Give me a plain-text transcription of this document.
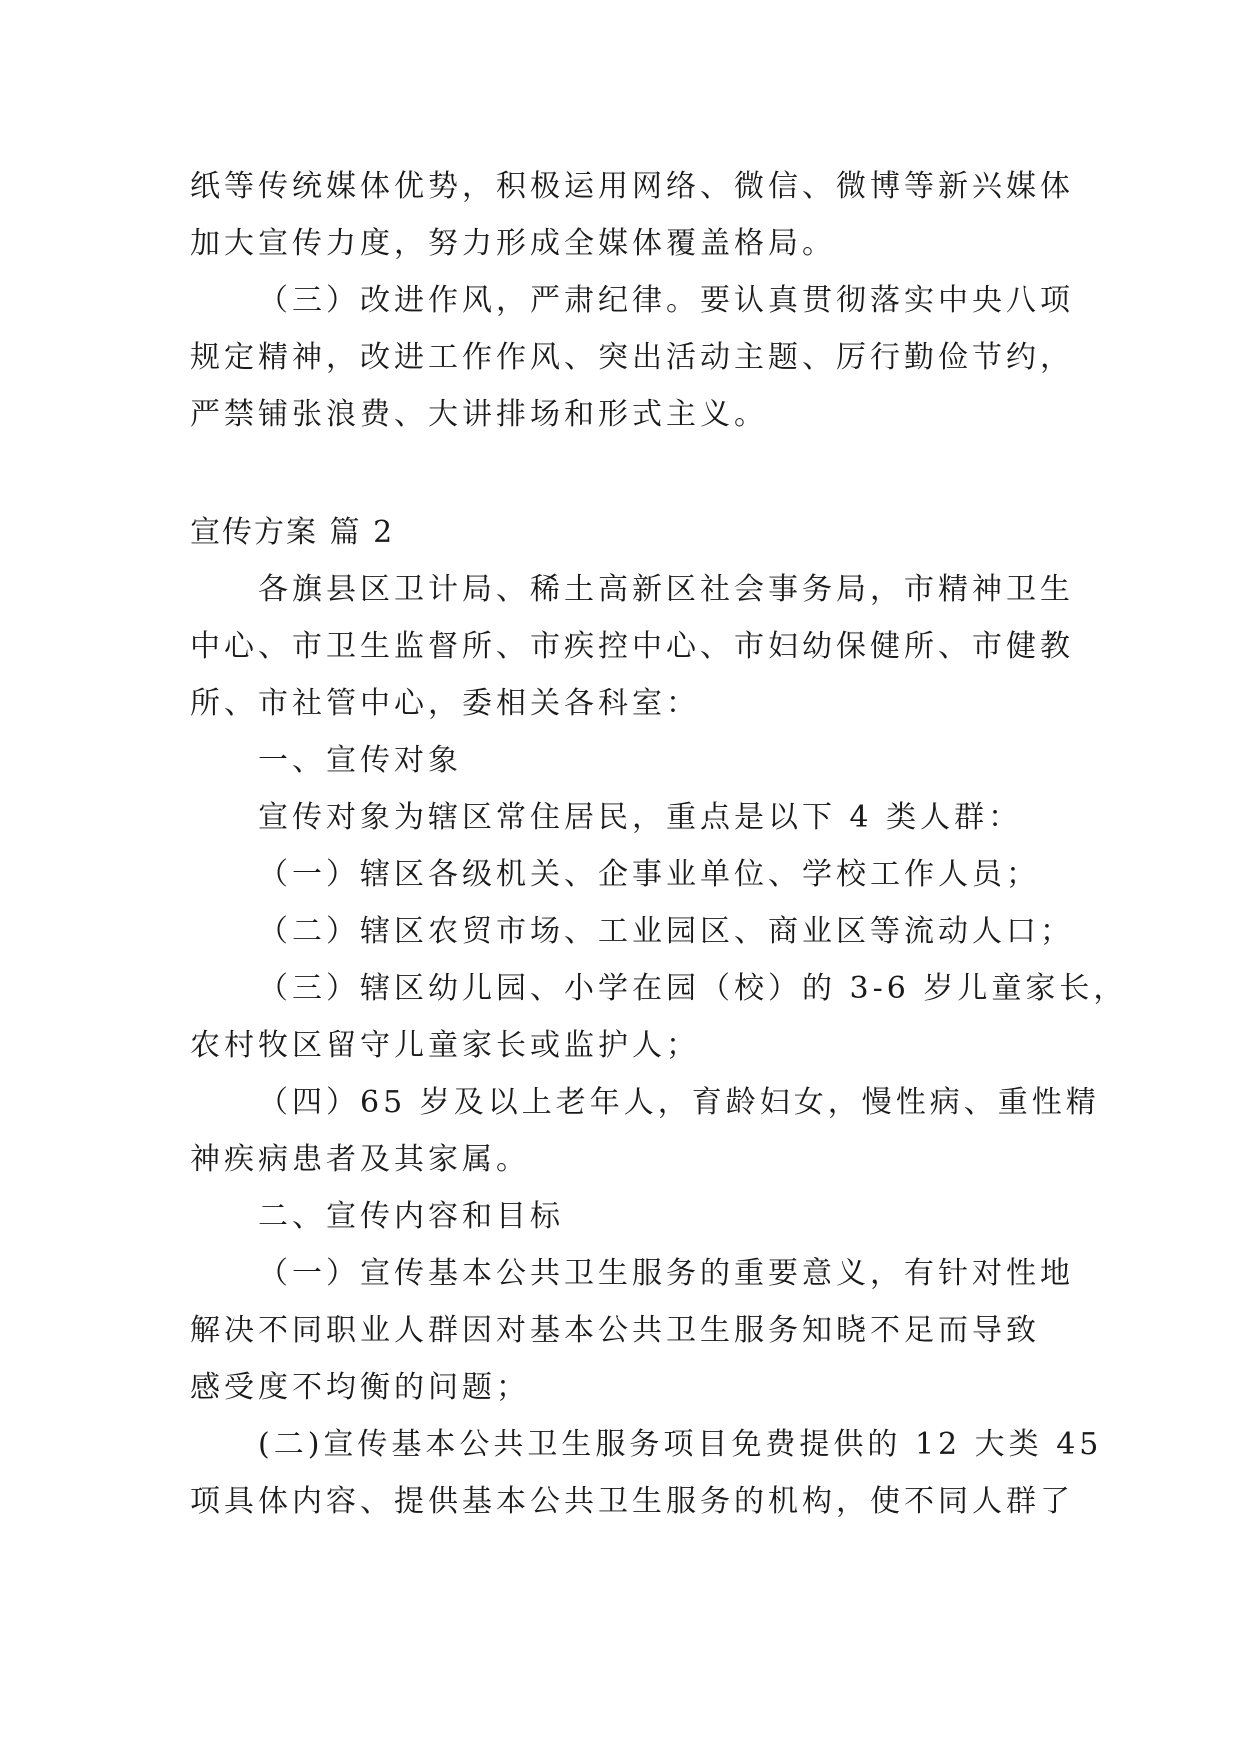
纸等传统媒体优势，积极运用网络、微信、微博等新兴媒体
加大宣传力度，努力形成全媒体覆盖格局。
（三）改进作风，严肃纪律。要认真贯彻落实中央八项
规定精神，改进工作作风、突出活动主题、厉行勤俭节约，
严禁铺张浪费、大讲排场和形式主义。
宣传方案 篇 2
各旗县区卫计局、稀土高新区社会事务局，市精神卫生
中心、市卫生监督所、市疾控中心、市妇幼保健所、市健教
所、市社管中心，委相关各科室：
一、宣传对象
宣传对象为辖区常住居民，重点是以下 4 类人群：
（一）辖区各级机关、企事业单位、学校工作人员；
（二）辖区农贸市场、工业园区、商业区等流动人口；
（三）辖区幼儿园、小学在园（校）的 3-6 岁儿童家长，
农村牧区留守儿童家长或监护人；
（四）65 岁及以上老年人，育龄妇女，慢性病、重性精
神疾病患者及其家属。
二、宣传内容和目标
（一）宣传基本公共卫生服务的重要意义，有针对性地
解决不同职业人群因对基本公共卫生服务知晓不足而导致
感受度不均衡的问题；
(二)宣传基本公共卫生服务项目免费提供的 12 大类 45
项具体内容、提供基本公共卫生服务的机构，使不同人群了
